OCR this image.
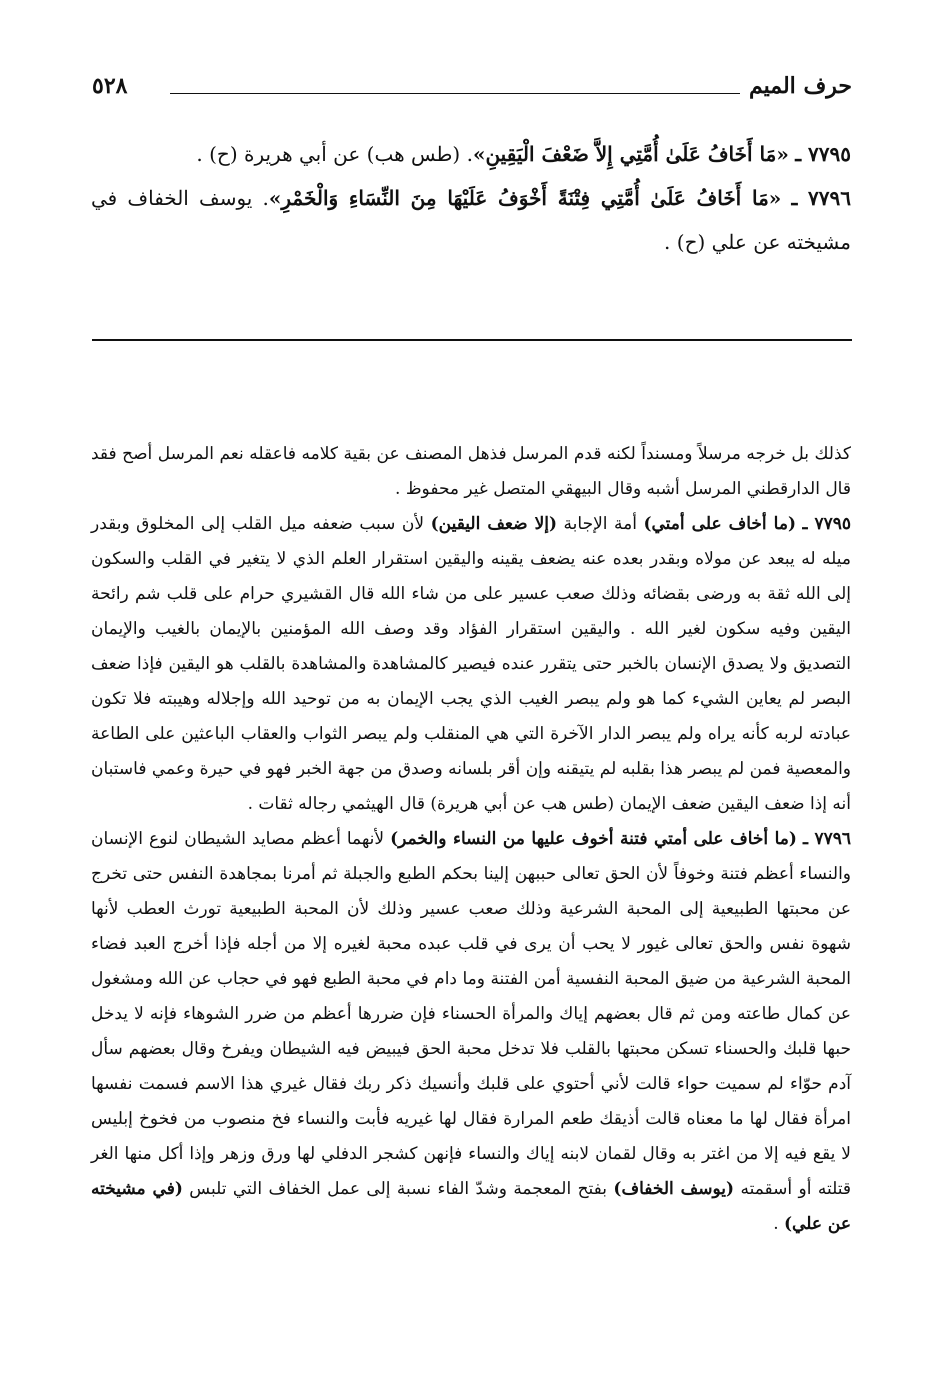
حرف الميم
٥٢٨

٧٧٩٥ ـ «مَا أَخَافُ عَلَىٰ أُمَّتِي إِلاَّ ضَعْفَ الْيَقِينِ». (طس هب) عن أبي هريرة (ح) .

٧٧٩٦ ـ «مَا أَخَافُ عَلَىٰ أُمَّتِي فِتْنَةً أَخْوَفُ عَلَيْهَا مِنَ النِّسَاءِ وَالْخَمْرِ». يوسف الخفاف في مشيخته عن علي (ح) .

كذلك بل خرجه مرسلاً ومسنداً لكنه قدم المرسل فذهل المصنف عن بقية كلامه فاعقله نعم المرسل أصح فقد قال الدارقطني المرسل أشبه وقال البيهقي المتصل غير محفوظ .

٧٧٩٥ ـ (ما أخاف على أمتي) أمة الإجابة (إلا ضعف اليقين) لأن سبب ضعفه ميل القلب إلى المخلوق وبقدر ميله له يبعد عن مولاه وبقدر بعده عنه يضعف يقينه واليقين استقرار العلم الذي لا يتغير في القلب والسكون إلى الله ثقة به ورضى بقضائه وذلك صعب عسير على من شاء الله قال القشيري حرام على قلب شم رائحة اليقين وفيه سكون لغير الله . واليقين استقرار الفؤاد وقد وصف الله المؤمنين بالإيمان بالغيب والإيمان التصديق ولا يصدق الإنسان بالخبر حتى يتقرر عنده فيصير كالمشاهدة والمشاهدة بالقلب هو اليقين فإذا ضعف البصر لم يعاين الشيء كما هو ولم يبصر الغيب الذي يجب الإيمان به من توحيد الله وإجلاله وهيبته فلا تكون عبادته لربه كأنه يراه ولم يبصر الدار الآخرة التي هي المنقلب ولم يبصر الثواب والعقاب الباعثين على الطاعة والمعصية فمن لم يبصر هذا بقلبه لم يتيقنه وإن أقر بلسانه وصدق من جهة الخبر فهو في حيرة وعمي فاستبان أنه إذا ضعف اليقين ضعف الإيمان (طس هب عن أبي هريرة) قال الهيثمي رجاله ثقات .

٧٧٩٦ ـ (ما أخاف على أمتي فتنة أخوف عليها من النساء والخمر) لأنهما أعظم مصايد الشيطان لنوع الإنسان والنساء أعظم فتنة وخوفاً لأن الحق تعالى حببهن إلينا بحكم الطبع والجبلة ثم أمرنا بمجاهدة النفس حتى تخرج عن محبتها الطبيعية إلى المحبة الشرعية وذلك صعب عسير وذلك لأن المحبة الطبيعية تورث العطب لأنها شهوة نفس والحق تعالى غيور لا يحب أن يرى في قلب عبده محبة لغيره إلا من أجله فإذا أخرج العبد فضاء المحبة الشرعية من ضيق المحبة النفسية أمن الفتنة وما دام في محبة الطبع فهو في حجاب عن الله ومشغول عن كمال طاعته ومن ثم قال بعضهم إياك والمرأة الحسناء فإن ضررها أعظم من ضرر الشوهاء فإنه لا يدخل حبها قلبك والحسناء تسكن محبتها بالقلب فلا تدخل محبة الحق فيبيض فيه الشيطان ويفرخ وقال بعضهم سأل آدم حوّاء لم سميت حواء قالت لأني أحتوي على قلبك وأنسيك ذكر ربك فقال غيري هذا الاسم فسمت نفسها امرأة فقال لها ما معناه قالت أذيقك طعم المرارة فقال لها غيريه فأبت والنساء فخ منصوب من فخوخ إبليس لا يقع فيه إلا من اغتر به وقال لقمان لابنه إياك والنساء فإنهن كشجر الدفلي لها ورق وزهر وإذا أكل منها الغر قتلته أو أسقمته (يوسف الخفاف) بفتح المعجمة وشدّ الفاء نسبة إلى عمل الخفاف التي تلبس (في مشيخته عن علي) .
